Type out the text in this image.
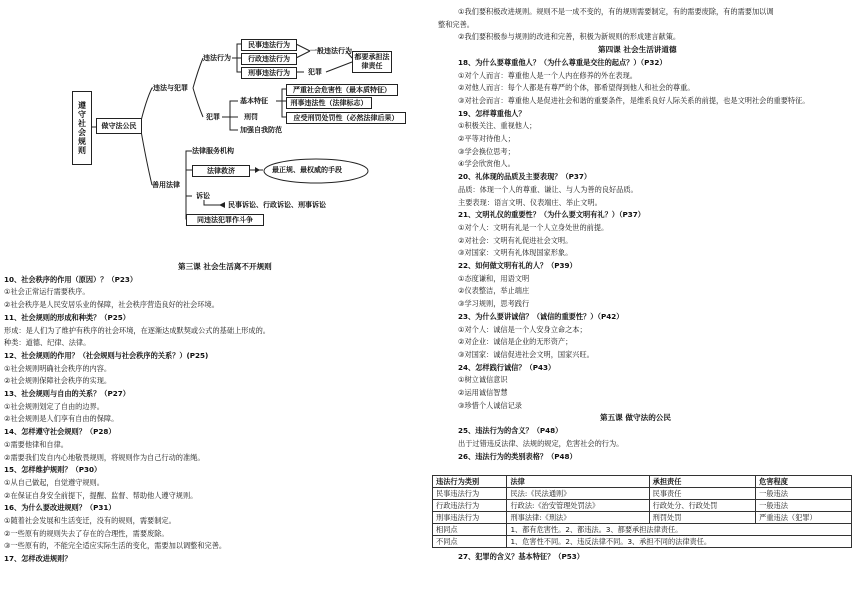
遵守社会规则	做守法公民
违法与犯罪
善用法律
违法行为
犯罪
民事违法行为
行政违法行为
刑事违法行为
一般违法行为
犯罪
都要承担法律责任
基本特征
刑罚
加强自我防范
严重社会危害性（最本质特征）
刑事违法性（法律标志）
应受刑罚处罚性（必然法律后果）
法律服务机构
法律救济	最正规、最权威的手段
诉讼
民事诉讼、行政诉讼、刑事诉讼
同违法犯罪作斗争
第三课 社会生活离不开规则
10、社会秩序的作用（原因）？（P23）
①社会正常运行需要秩序。
②社会秩序是人民安居乐业的保障，社会秩序营造良好的社会环境。
11、社会规则的形成和种类？（P25）
形成：是人们为了维护有秩序的社会环境，在逐渐达成默契或公式的基础上形成的。
种类：道德、纪律、法律。
12、社会规则的作用？（社会规则与社会秩序的关系？）(P25)
①社会规则明确社会秩序的内容。
②社会规则保障社会秩序的实现。
13、社会规则与自由的关系？（P27）
①社会规则划定了自由的边界。
②社会规则是人们享有自由的保障。
14、怎样遵守社会规则？（P28）
①需要他律和自律。
②需要我们发自内心地敬畏规则，将规则作为自己行动的准绳。
15、怎样维护规则？（P30）
①从自己做起，自觉遵守规则。
②在保证自身安全前提下，提醒、监督、帮助他人遵守规则。
16、为什么要改进规则？（P31）
①随着社会发展和生活变迁，没有的规则，需要制定。
②一些原有的规则失去了存在的合理性，需要废除。
③一些原有的，不能完全适应实际生活的变化，需要加以调整和完善。
17、怎样改进规则？
①我们要积极改进规则。规则不是一成不变的，有的规则需要制定，有的需要废除，有的需要加以调
整和完善。
②我们要积极参与规则的改进和完善，积极为新规则的形成建言献策。
第四课 社会生活讲道德
18、为什么要尊重他人？（为什么尊重是交往的起点？）（P32）
①对个人而言：尊重他人是一个人内在修养的外在表现。
②对他人而言：每个人都是有尊严的个体，都希望得到他人和社会的尊重。
③对社会而言：尊重他人是促进社会和谐的重要条件，是维系良好人际关系的前提，也是文明社会的重要特征。
19、怎样尊重他人？
①积极关注、重视他人；
②平等对待他人；
③学会换位思考；
④学会欣赏他人。
20、礼体现的品质及主要表现？（P37）
品质：体现一个人的尊重、谦让、与人为善的良好品质。
主要表现：语言文明、仪表端庄、举止文明。
21、文明礼仪的重要性？（为什么要文明有礼？）（P37）
①对个人：文明有礼是一个人立身处世的前提。
②对社会：文明有礼促进社会文明。
③对国家：文明有礼体现国家形象。
22、如何做文明有礼的人？（P39）
①态度谦和，用语文明
②仪表整洁，举止端庄
③学习规则，思考践行
23、为什么要讲诚信？（诚信的重要性？）（P42）
①对个人：诚信是一个人安身立命之本；
②对企业：诚信是企业的无形资产；
③对国家：诚信促进社会文明，国家兴旺。
24、怎样践行诚信？（P43）
①树立诚信意识
②运用诚信智慧
③珍惜个人诚信记录
第五课 做守法的公民
25、违法行为的含义？（P48）
出于过错违反法律、法规的规定，危害社会的行为。
26、违法行为的类别表格？（P48）
违法行为类别	法律	承担责任	危害程度
民事违法行为	民法:《民法通则》	民事责任	一般违法
行政违法行为	行政法:《治安管理处罚法》	行政处分、行政处罚	一般违法
刑事违法行为	刑事法律:《刑法》	刑罚处罚	严重违法（犯罪）
相同点	1、都有危害性。2、都违法。3、都要承担法律责任。		
不同点	1、危害性不同。2、违反法律不同。3、承担不同的法律责任。		
27、犯罪的含义？基本特征？（P53）
